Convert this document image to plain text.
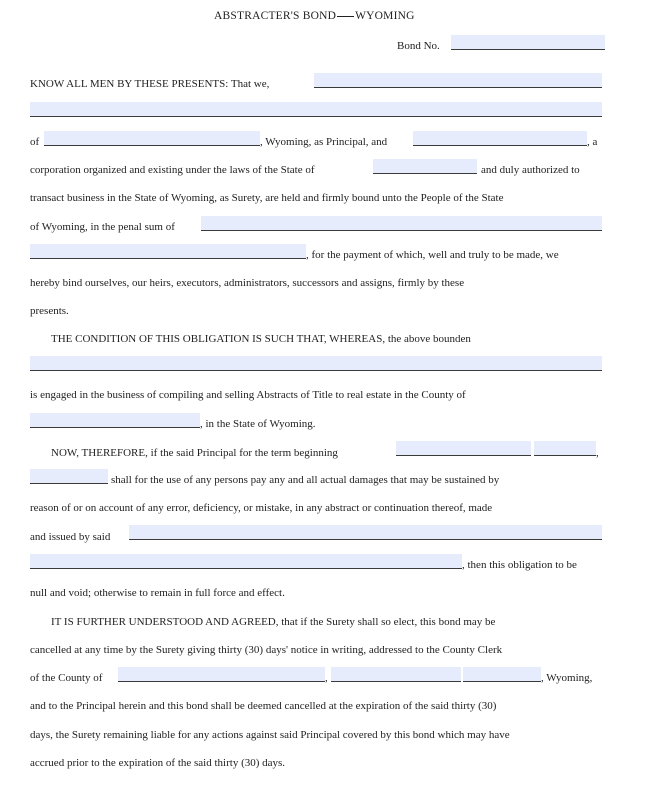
ABSTRACTER'S BOND WYOMING
Bond No.
KNOW ALL MEN BY THESE PRESENTS: That we,
of	, Wyoming, as Principal, and	, a
corporation organized and existing under the laws of the State of	and duly authorized to
transact business in the State of Wyoming, as Surety, are held and firmly bound unto the People of the State
of Wyoming, in the penal sum of
, for the payment of which, well and truly to be made, we
hereby bind ourselves, our heirs, executors, administrators, successors and assigns, firmly by these
presents.
THE CONDITION OF THIS OBLIGATION IS SUCH THAT, WHEREAS, the above bounden
is engaged in the business of compiling and selling Abstracts of Title to real estate in the County of
, in the State of Wyoming.
NOW, THEREFORE, if the said Principal for the term beginning	,
shall for the use of any persons pay any and all actual damages that may be sustained by
reason of or on account of any error, deficiency, or mistake, in any abstract or continuation thereof, made
and issued by said
, then this obligation to be
null and void; otherwise to remain in full force and effect.
IT IS FURTHER UNDERSTOOD AND AGREED, that if the Surety shall so elect, this bond may be
cancelled at any time by the Surety giving thirty (30) days' notice in writing, addressed to the County Clerk
of the County of	,	, Wyoming,
and to the Principal herein and this bond shall be deemed cancelled at the expiration of the said thirty (30)
days, the Surety remaining liable for any actions against said Principal covered by this bond which may have
accrued prior to the expiration of the said thirty (30) days.
